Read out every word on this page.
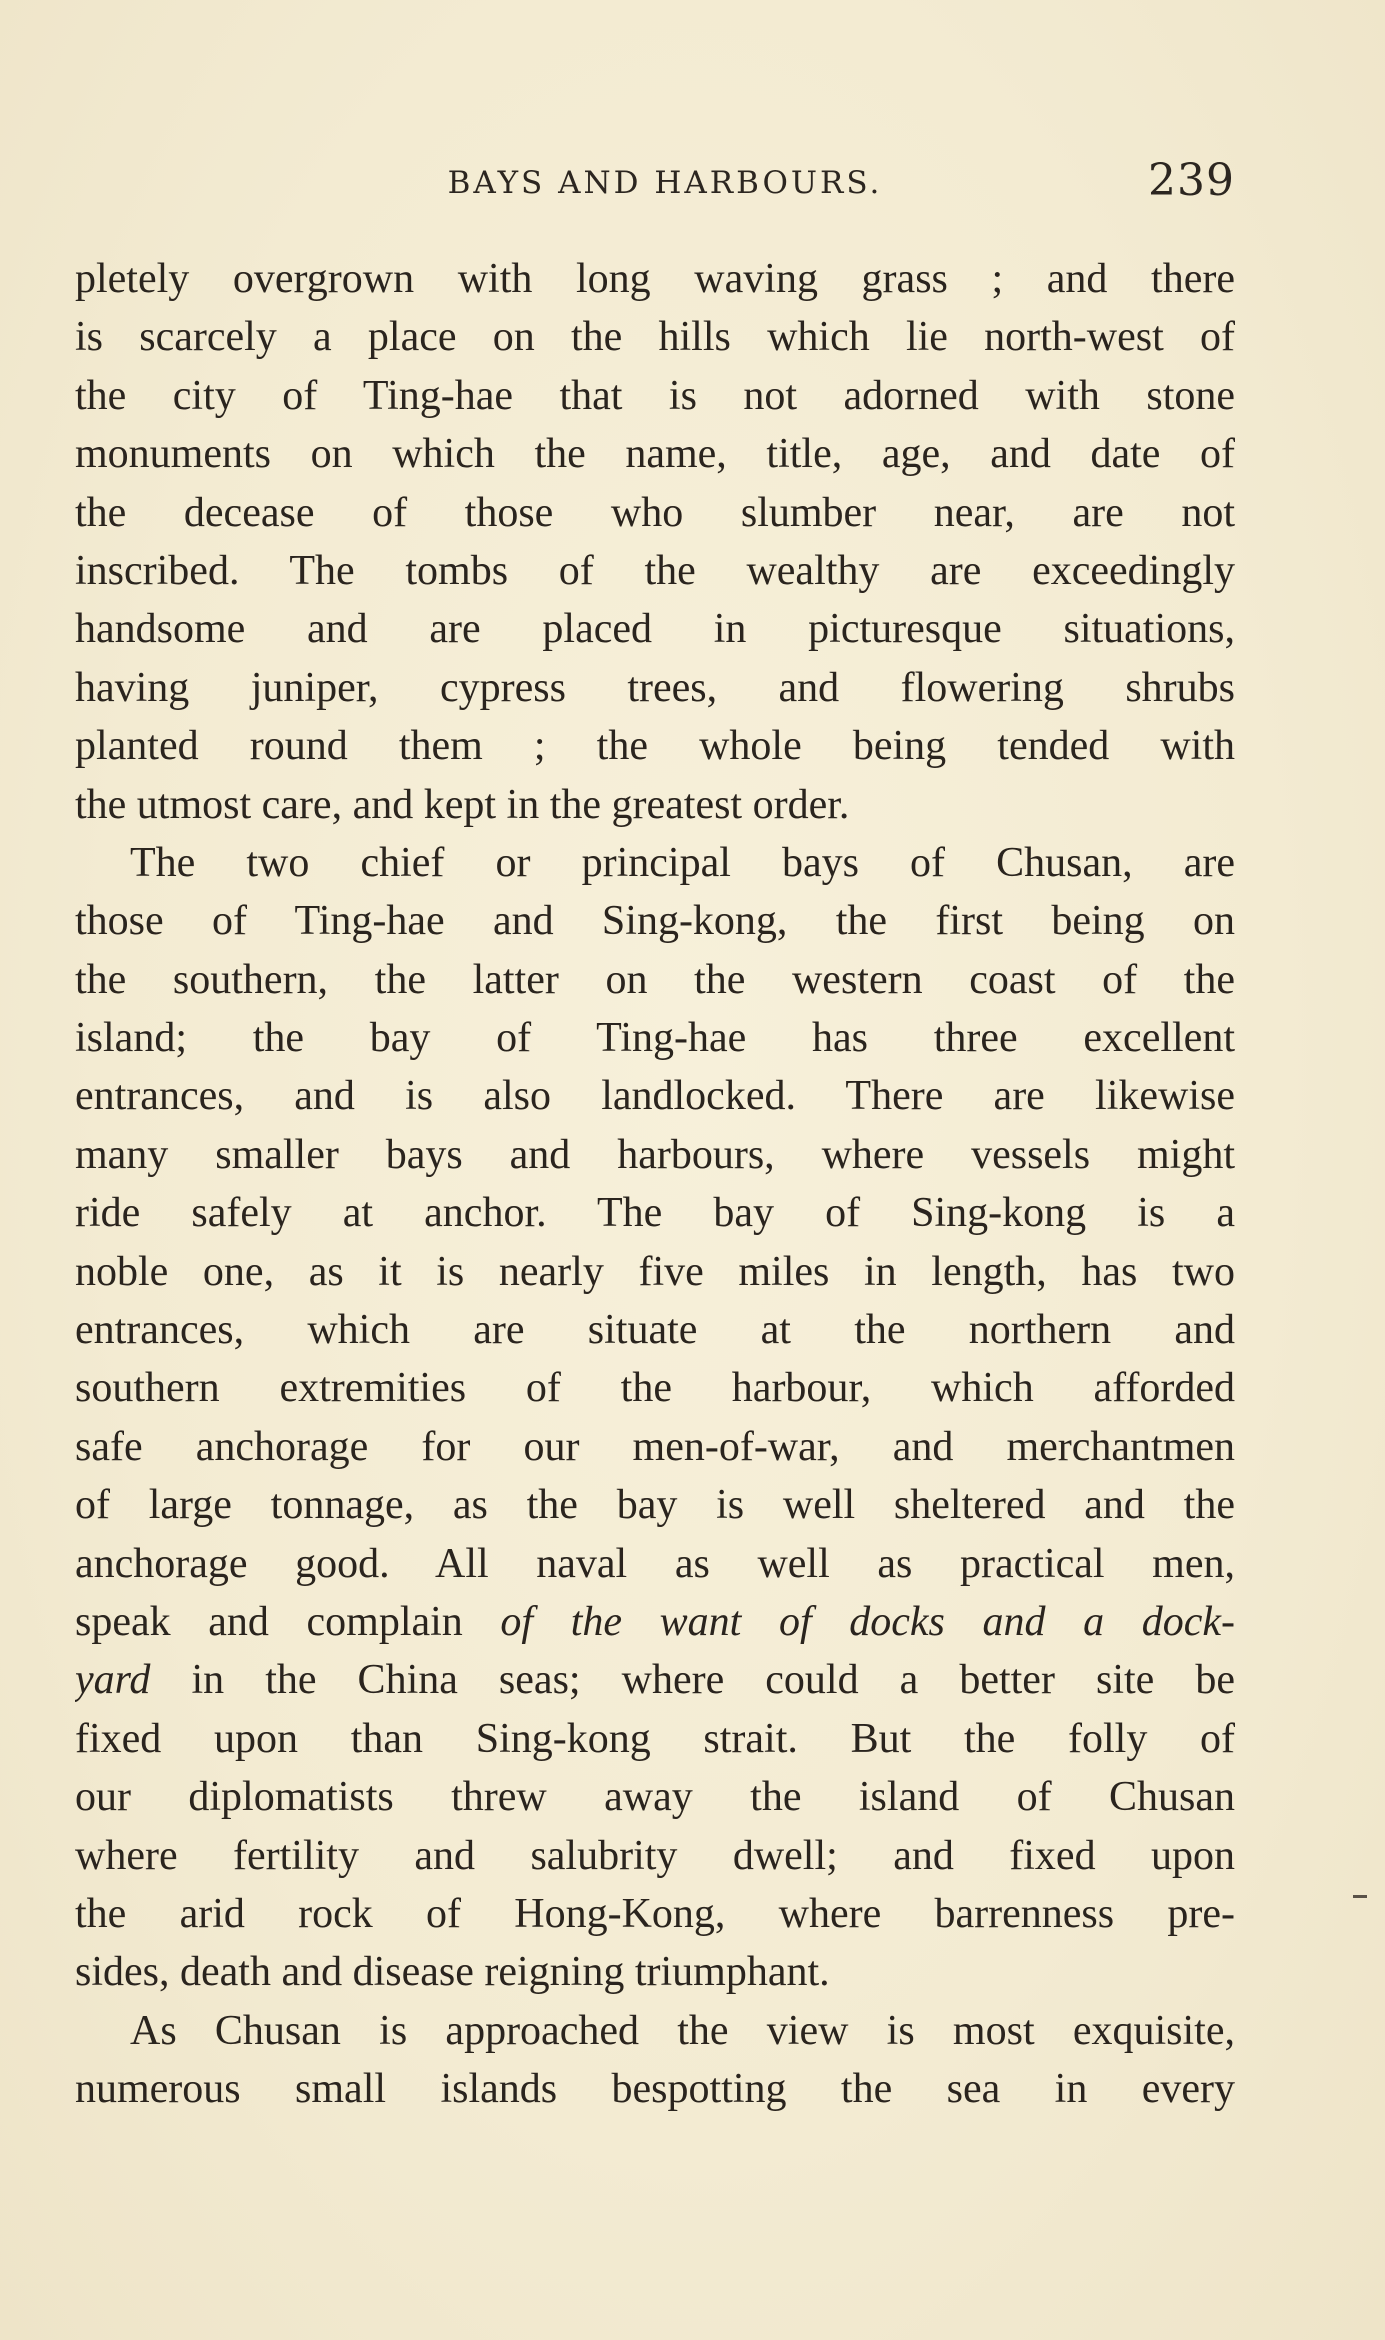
BAYS AND HARBOURS.	239
pletely overgrown with long waving grass ; and there
is scarcely a place on the hills which lie north-west of
the city of Ting-hae that is not adorned with stone
monuments on which the name, title, age, and date of
the decease of those who slumber near, are not
inscribed. The tombs of the wealthy are exceedingly
handsome and are placed in picturesque situations,
having juniper, cypress trees, and flowering shrubs
planted round them ; the whole being tended with
the utmost care, and kept in the greatest order.
The two chief or principal bays of Chusan, are
those of Ting-hae and Sing-kong, the first being on
the southern, the latter on the western coast of the
island; the bay of Ting-hae has three excellent
entrances, and is also landlocked. There are likewise
many smaller bays and harbours, where vessels might
ride safely at anchor. The bay of Sing-kong is a
noble one, as it is nearly five miles in length, has two
entrances, which are situate at the northern and
southern extremities of the harbour, which afforded
safe anchorage for our men-of-war, and merchantmen
of large tonnage, as the bay is well sheltered and the
anchorage good. All naval as well as practical men,
speak and complain of the want of docks and a dock-
yard in the China seas; where could a better site be
fixed upon than Sing-kong strait. But the folly of
our diplomatists threw away the island of Chusan
where fertility and salubrity dwell; and fixed upon
the arid rock of Hong-Kong, where barrenness pre-
sides, death and disease reigning triumphant.
As Chusan is approached the view is most exquisite,
numerous small islands bespotting the sea in every
